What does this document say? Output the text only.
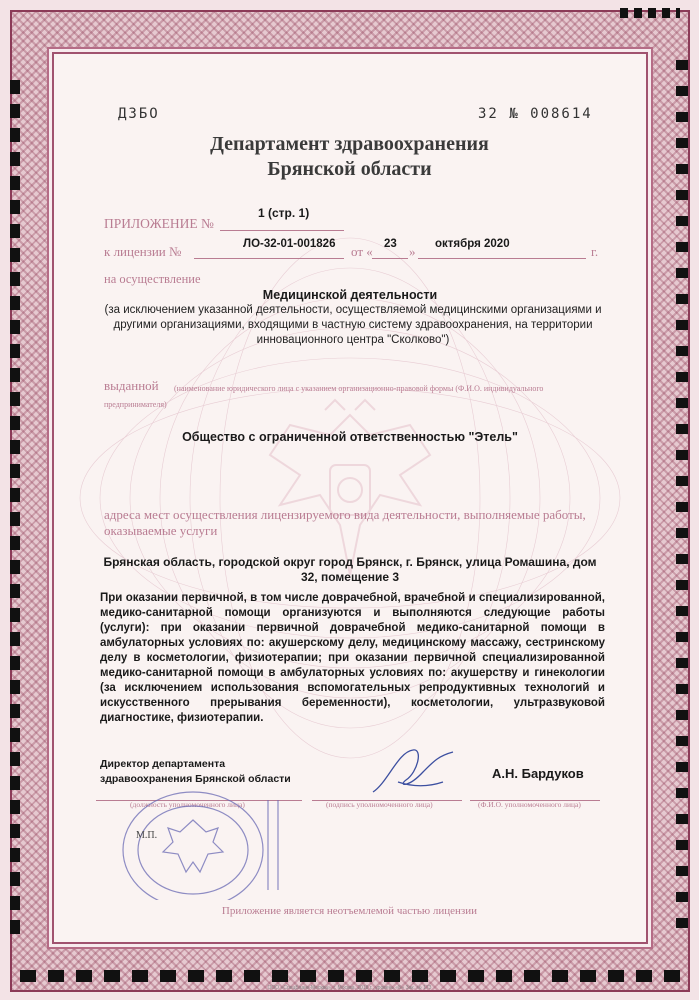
ДЗБО	32 № 008614
Департамент здравоохранения
Брянской области
ПРИЛОЖЕНИЕ №
1 (стр. 1)
к лицензии №	ЛО-32-01-001826 от « 23 » октября 2020	г.
на осуществление
Медицинской деятельности
(за исключением указанной деятельности, осуществляемой медицинскими организациями и другими организациями, входящими в частную систему здравоохранения, на территории инновационного центра "Сколково")
(наименование юридического лица с указанием организационно-правовой формы (Ф.И.О. индивидуального предпринимателя)
выданной
Общество с ограниченной ответственностью "Этель"
адреса мест осуществления лицензируемого вида деятельности, выполняемые работы, оказываемые услуги
Брянская область, городской округ город Брянск, г. Брянск, улица Ромашина, дом 32, помещение 3
При оказании первичной, в том числе доврачебной, врачебной и специализированной, медико-санитарной помощи организуются и выполняются следующие работы (услуги): при оказании первичной доврачебной медико-санитарной помощи в амбулаторных условиях по: акушерскому делу, медицинскому массажу, сестринскому делу в косметологии, физиотерапии; при оказании первичной специализированной медико-санитарной помощи в амбулаторных условиях по: акушерству и гинекологии (за исключением использования вспомогательных репродуктивных технологий и искусственного прерывания беременности), косметологии, ультразвуковой диагностике, физиотерапии.
Директор департамента здравоохранения Брянской области	А.Н. Бардуков
(должность уполномоченного лица)	(подпись уполномоченного лица)	(Ф.И.О. уполномоченного лица)
М.П.
Приложение является неотъемлемой частью лицензии
ООО «СпецБланк-Москва», г. Москва, 2018 г., уровень «Б» Зак. № 173
